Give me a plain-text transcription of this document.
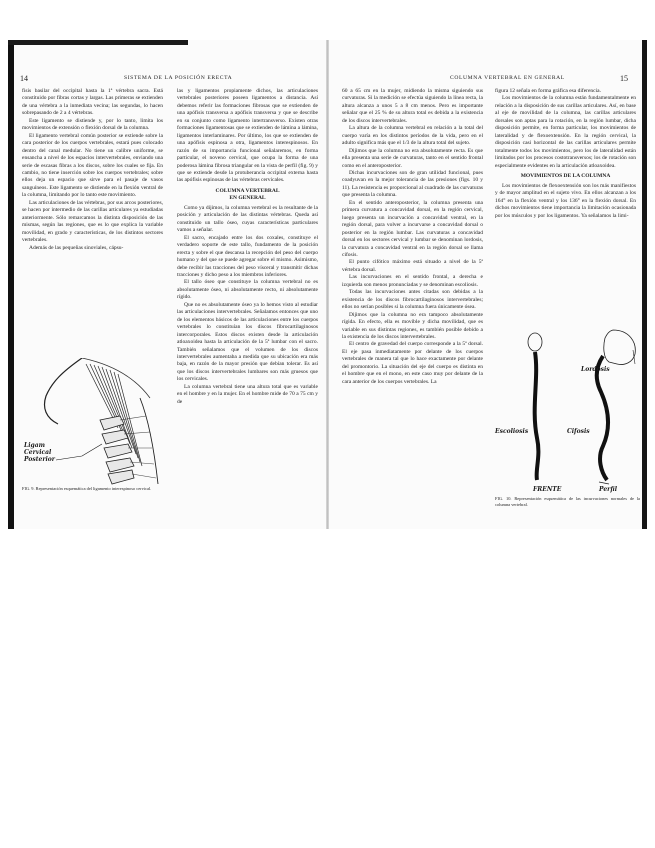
14	SISTEMA DE LA POSICIÓN ERECTA

fisis basilar del occipital hasta la 1ª vértebra sacra. Está constituido por fibras cortas y largas. Las primeras se extienden de una vértebra a la inmediata vecina; las segundas, lo hacen sobrepasando de 2 a 4 vértebras.

Este ligamento se distiende y, por lo tanto, limita los movimientos de extensión o flexión dorsal de la columna.

El ligamento vertebral común posterior se extiende sobre la cara posterior de los cuerpos vertebrales, estará pues colocado dentro del canal medular. No tiene un calibre uniforme, se ensancha a nivel de los espacios intervertebrales, enviando una serie de escasas fibras a los discos, sobre los cuales se fija. En cambio, no tiene inserción sobre los cuerpos vertebrales; sobre ellos deja un espacio que sirve para el pasaje de vasos sanguíneos. Este ligamento se distiende en la flexión ventral de la columna, limitando por lo tanto este movimiento.

Las articulaciones de las vértebras, por sus arcos posteriores, se hacen por intermedio de las carillas articulares ya estudiadas anteriormente. Sólo remarcamos la distinta disposición de las mismas, según las regiones, que es lo que explica la variable movilidad, en grado y características, de los distintos sectores vertebrales.

Además de las pequeñas sinoviales, cápsu-

las y ligamentos propiamente dichos, las articulaciones vertebrales posteriores poseen ligamentos a distancia. Así debemos referir las formaciones fibrosas que se extienden de una apófisis transversa a apófisis transversa y que se describe en su conjunto como ligamento intertransverso. Existen otras formaciones ligamentosas que se extienden de lámina a lámina, ligamentos interlaminares. Por último, los que se extienden de una apófisis espinosa a otra, ligamentos interespinosos. En razón de su importancia funcional señalaremos, en forma particular, el noveno cervical, que ocupa la forma de una poderosa lámina fibrosa triangular en la vista de perfil (fig. 9) y que se extiende desde la protuberancia occipital externa hasta las apófisis espinosas de las vértebras cervicales.

COLUMNA VERTEBRAL
EN GENERAL

Como ya dijimos, la columna vertebral es la resultante de la posición y articulación de las distintas vértebras. Queda así constituido un tallo óseo, cuyas características particulares vamos a señalar.

El sacro, encajado entre los dos coxales, constituye el verdadero soporte de este tallo, fundamento de la posición erecta y sobre el que descansa la recepción del peso del cuerpo humano y del que se puede agregar sobre el mismo. Asimismo, debe recibir las tracciones del peso vísceral y transmitir dichas tracciones y dicho peso a los miembros inferiores.

El tallo óseo que constituye la columna vertebral no es absolutamente óseo, ni absolutamente recto, ni absolutamente rígido.

Que no es absolutamente óseo ya lo hemos visto al estudiar las articulaciones intervertebrales. Señalamos entonces que uno de los elementos básicos de las articulaciones entre los cuerpos vertebrales lo constituían los discos fibrocartilaginosos intercorporales. Estos discos existen desde la articulación atloaxoidea hasta la articulación de la 5ª lumbar con el sacro. También señalamos que el volumen de los discos intervertebrales aumentaba a medida que su ubicación era más baja, en razón de la mayor presión que debían tolerar. Es así que los discos intervertebrales lumbares son más gruesos que los cervicales.

La columna vertebral tiene una altura total que es variable en el hombre y en la mujer. En el hombre mide de 70 a 75 cm y de

Ligam
Cervical
Posterior
FIG. 9. Representación esquemática del ligamento interespinoso cervical.
COLUMNA VERTEBRAL EN GENERAL	15

60 a 65 cm en la mujer, midiendo la misma siguiendo sus curvaturas. Si la medición se efectúa siguiendo la línea recta, la altura alcanza a unos 5 a 8 cm menos. Pero es importante señalar que el 25 % de su altura total es debida a la existencia de los discos intervertebrales.

La altura de la columna vertebral en relación a la total del cuerpo varía en los distintos períodos de la vida, pero en el adulto significa más que el 1/3 de la altura total del sujeto.

Dijimos que la columna no era absolutamente recta. Es que ella presenta una serie de curvaturas, tanto en el sentido frontal como en el anteroposterior.

Dichas incurvaciones son de gran utilidad funcional, pues coadyuvan en la mejor tolerancia de las presiones (figs. 10 y 11). La resistencia es proporcional al cuadrado de las curvaturas que presenta la columna.

En el sentido anteroposterior, la columna presenta una primera curvatura a concavidad dorsal, en la región cervical, luego presenta un incurvación a concavidad ventral, en la región dorsal, para volver a incurvarse a concavidad dorsal o posterior en la región lumbar. Las curvaturas a concavidad dorsal en los sectores cervical y lumbar se denominan lordosis, la curvatura a concavidad ventral en la región dorsal se llama cifosis.

El punto cifótico máximo está situado a nivel de la 5ª vértebra dorsal.

Las incurvaciones en el sentido frontal, a derecha e izquierda son menos pronunciadas y se denominan escoliosis.

Todas las incurvaciones antes citadas son debidas a la existencia de los discos fibrocartilaginosos intervertebrales; ellos no serían posibles si la columna fuera únicamente ósea.

Dijimos que la columna no era tampoco absolutamente rígida. En efecto, ella es movible y dicha movilidad, que es variable en sus distintas regiones, es también posible debido a la existencia de los discos intervertebrales.

El centro de gravedad del cuerpo corresponde a la 5ª dorsal. El eje pasa inmediatamente por delante de los cuerpos vertebrales de manera tal que lo hace exactamente por delante del promontorio. La situación del eje del cuerpo es distinta en el hombre que en el mono, en este caso muy por delante de la cara anterior de los cuerpos vertebrales. La

figura 12 señala en forma gráfica esa diferencia.

Los movimientos de la columna están fundamentalmente en relación a la disposición de sus carillas articulares. Así, en base al eje de movilidad de la columna, las carillas articulares dorsales son aptas para la rotación, en la región lumbar, dicha disposición permite, en forma particular, los movimientos de lateralidad y de flexoextensión. En la región cervical, la disposición casi horizontal de las carillas articulares permite totalmente todos los movimientos, pero los de lateralidad están limitados por los procesos costotransversos; los de rotación son especialmente evidentes en la articulación atloaxoidea.

MOVIMIENTOS DE LA COLUMNA

Los movimientos de flexoextensión son los más manifiestos y de mayor amplitud en el sujeto vivo. En ellos alcanzan a los 164° en la flexión ventral y los 136° en la flexión dorsal. En dichos movimientos tiene importancia la limitación ocasionada por los músculos y por los ligamentos. Ya señalamos la limi-

Lordosis
Escoliosis	Cifosis
FRENTE	Perfil
FIG. 10. Representación esquemática de las incurvaciones normales de la columna vertebral.
